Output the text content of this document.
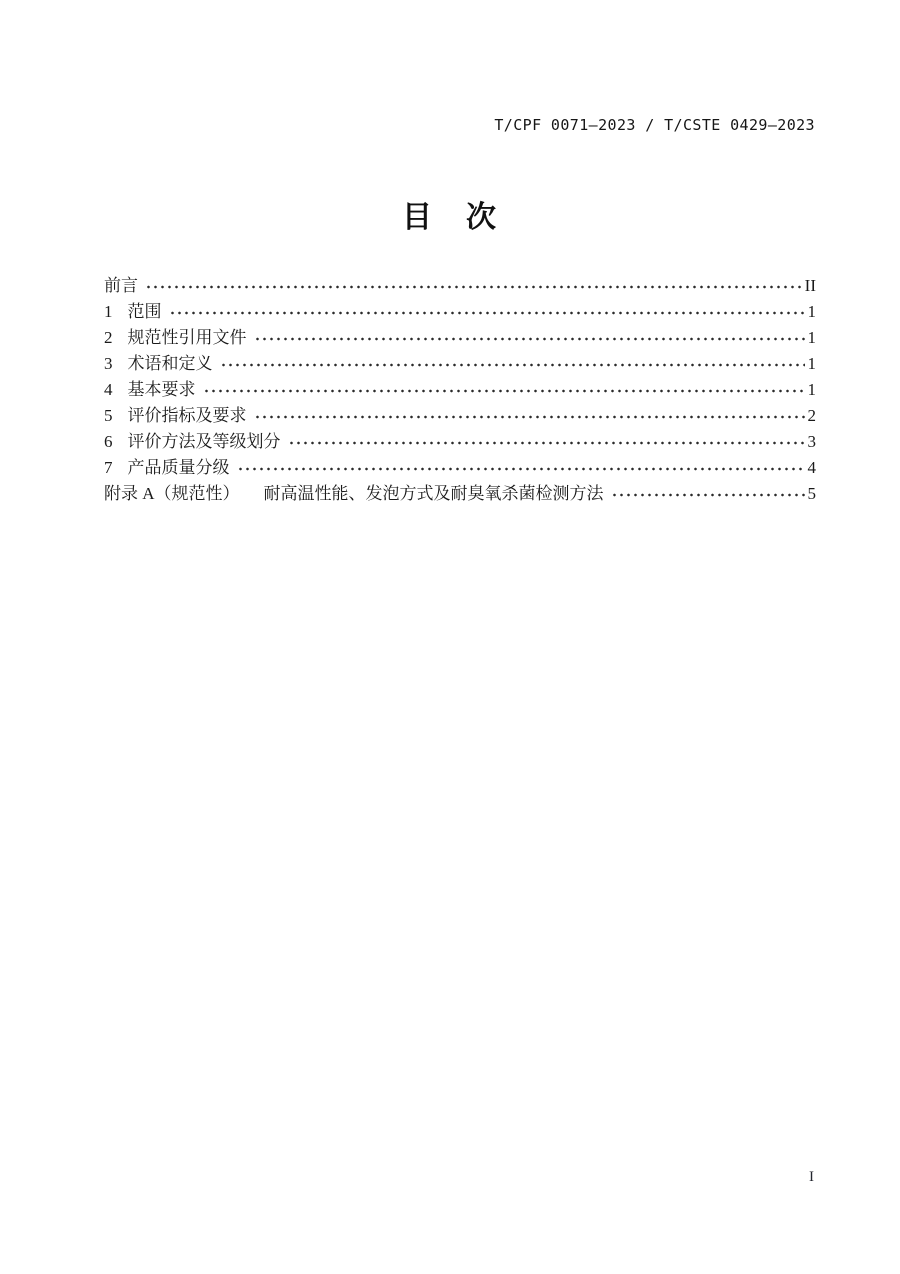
T/CPF 0071—2023 / T/CSTE 0429—2023
目　次
前言	II
1 范围	1
2 规范性引用文件	1
3 术语和定义	1
4 基本要求	1
5 评价指标及要求	2
6 评价方法及等级划分	3
7 产品质量分级	4
附录 A（规范性） 耐高温性能、发泡方式及耐臭氧杀菌检测方法	5
I
